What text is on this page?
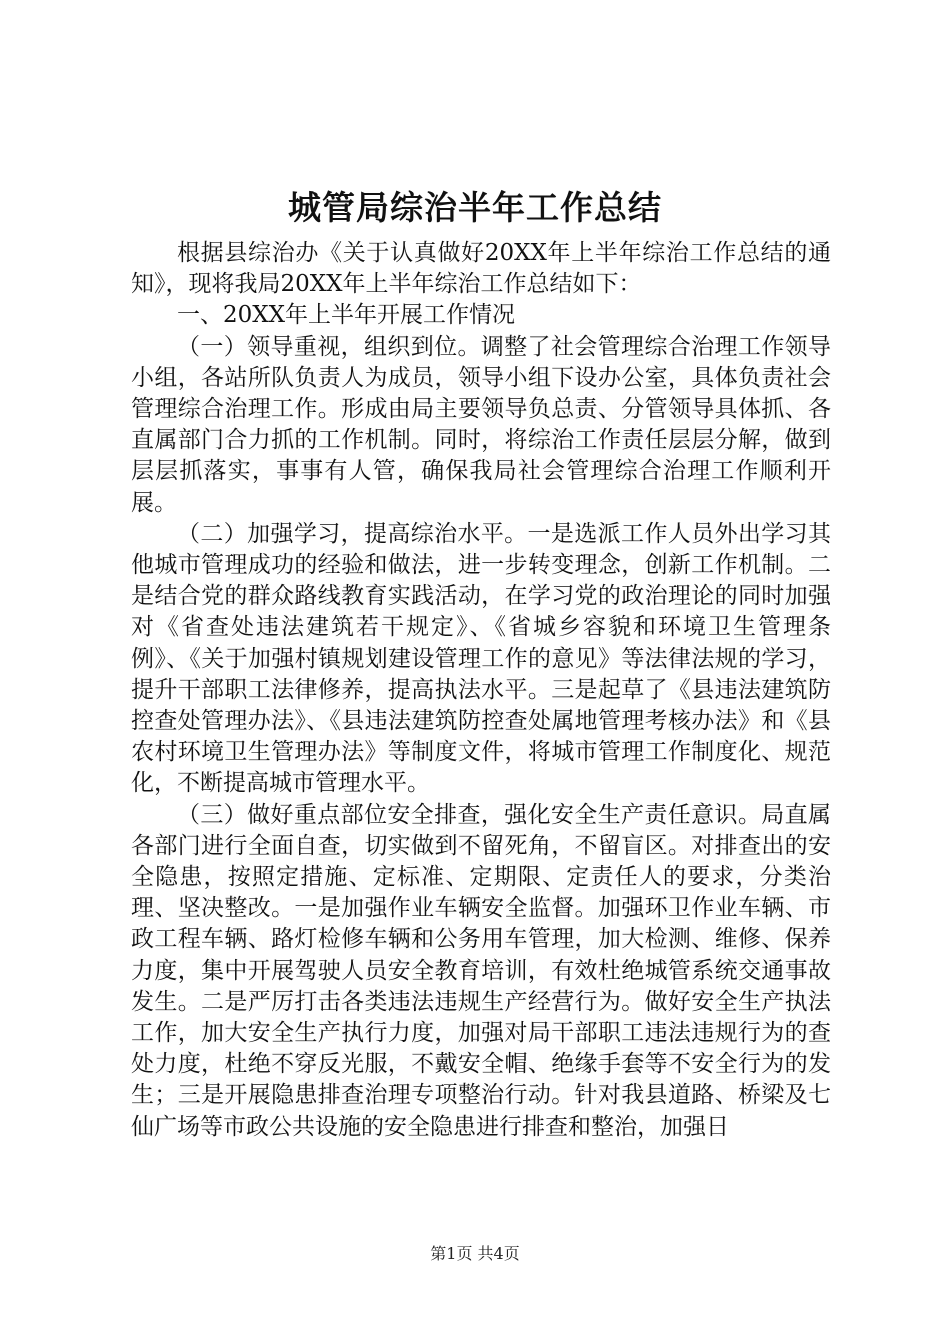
城管局综治半年工作总结

根据县综治办《关于认真做好20XX年上半年综治工作总结的通知》，现将我局20XX年上半年综治工作总结如下：

一、20XX年上半年开展工作情况

（一）领导重视，组织到位。调整了社会管理综合治理工作领导小组，各站所队负责人为成员，领导小组下设办公室，具体负责社会管理综合治理工作。形成由局主要领导负总责、分管领导具体抓、各直属部门合力抓的工作机制。同时，将综治工作责任层层分解，做到层层抓落实，事事有人管，确保我局社会管理综合治理工作顺利开展。

（二）加强学习，提高综治水平。一是选派工作人员外出学习其他城市管理成功的经验和做法，进一步转变理念，创新工作机制。二是结合党的群众路线教育实践活动，在学习党的政治理论的同时加强对《省查处违法建筑若干规定》、《省城乡容貌和环境卫生管理条例》、《关于加强村镇规划建设管理工作的意见》等法律法规的学习，提升干部职工法律修养，提高执法水平。三是起草了《县违法建筑防控查处管理办法》、《县违法建筑防控查处属地管理考核办法》和《县农村环境卫生管理办法》等制度文件，将城市管理工作制度化、规范化，不断提高城市管理水平。

（三）做好重点部位安全排查，强化安全生产责任意识。局直属各部门进行全面自查，切实做到不留死角，不留盲区。对排查出的安全隐患，按照定措施、定标准、定期限、定责任人的要求，分类治理、坚决整改。一是加强作业车辆安全监督。加强环卫作业车辆、市政工程车辆、路灯检修车辆和公务用车管理，加大检测、维修、保养力度，集中开展驾驶人员安全教育培训，有效杜绝城管系统交通事故发生。二是严厉打击各类违法违规生产经营行为。做好安全生产执法工作，加大安全生产执行力度，加强对局干部职工违法违规行为的查处力度，杜绝不穿反光服，不戴安全帽、绝缘手套等不安全行为的发生；三是开展隐患排查治理专项整治行动。针对我县道路、桥梁及七仙广场等市政公共设施的安全隐患进行排查和整治，加强日

第1页 共4页
